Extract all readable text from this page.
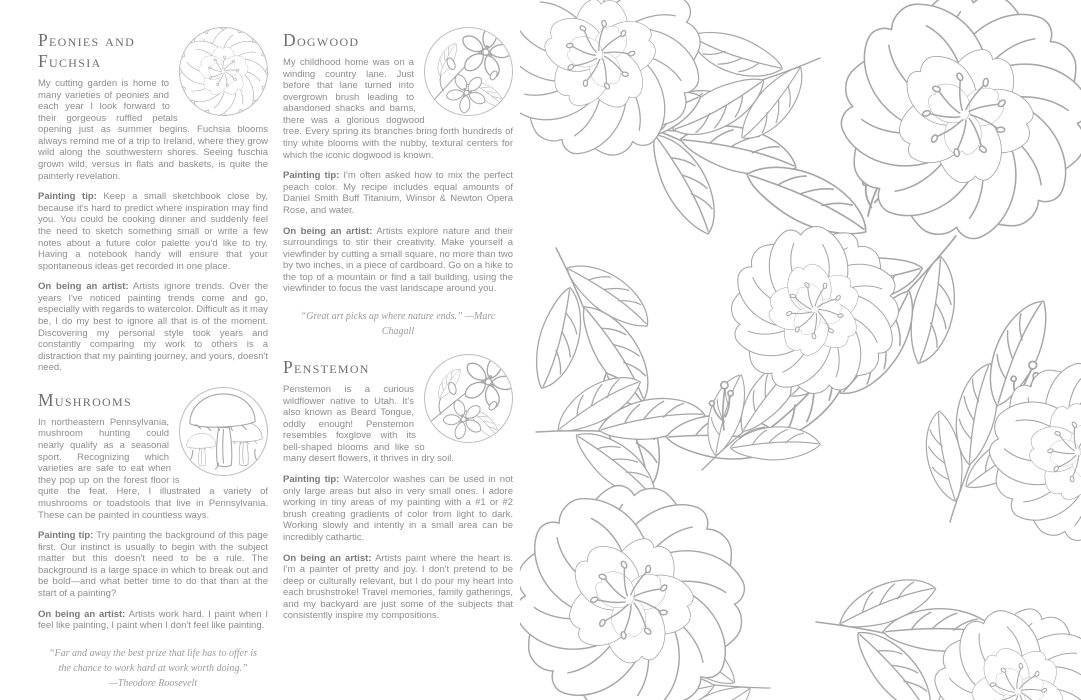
Peonies and Fuchsia

My cutting garden is home to many varieties of peonies and each year I look forward to their gorgeous ruffled petals opening just as summer begins. Fuchsia blooms always remind me of a trip to Ireland, where they grow wild along the southwestern shores. Seeing fuschia grown wild, versus in flats and baskets, is quite the painterly revelation.

Painting tip: Keep a small sketchbook close by, because it's hard to predict where inspiration may find you. You could be cooking dinner and suddenly feel the need to sketch something small or write a few notes about a future color palette you'd like to try. Having a notebook handy will ensure that your spontaneous ideas get recorded in one place.

On being an artist: Artists ignore trends. Over the years I've noticed painting trends come and go, especially with regards to watercolor. Difficult as it may be, I do my best to ignore all that is of the moment. Discovering my personal style took years and constantly comparing my work to others is a distraction that my painting journey, and yours, doesn't need.

Mushrooms

In northeastern Pennsylvania, mushroom hunting could nearly qualify as a seasonal sport. Recognizing which varieties are safe to eat when they pop up on the forest floor is quite the feat. Here, I illustrated a variety of mushrooms or toadstools that live in Pennsylvania. These can be painted in countless ways.

Painting tip: Try painting the background of this page first. Our instinct is usually to begin with the subject matter but this doesn't need to be a rule. The background is a large space in which to break out and be bold—and what better time to do that than at the start of a painting?

On being an artist: Artists work hard. I paint when I feel like painting, I paint when I don't feel like painting.

“Far and away the best prize that life has to offer is the chance to work hard at work worth doing.”
—Theodore Roosevelt

Dogwood

My childhood home was on a winding country lane. Just before that lane turned into overgrown brush leading to abandoned shacks and barns, there was a glorious dogwood tree. Every spring its branches bring forth hundreds of tiny white blooms with the nubby, textural centers for which the iconic dogwood is known.

Painting tip: I'm often asked how to mix the perfect peach color. My recipe includes equal amounts of Daniel Smith Buff Titanium, Winsor & Newton Opera Rose, and water.

On being an artist: Artists explore nature and their surroundings to stir their creativity. Make yourself a viewfinder by cutting a small square, no more than two by two inches, in a piece of cardboard. Go on a hike to the top of a mountain or find a tall building, using the viewfinder to focus the vast landscape around you.

“Great art picks up where nature ends.” —Marc Chagall

Penstemon

Penstemon is a curious wildflower native to Utah. It's also known as Beard Tongue, oddly enough! Penstemon resembles foxglove with its bell-shaped blooms and like so many desert flowers, it thrives in dry soil.

Painting tip: Watercolor washes can be used in not only large areas but also in very small ones. I adore working in tiny areas of my painting with a #1 or #2 brush creating gradients of color from light to dark. Working slowly and intently in a small area can be incredibly cathartic.

On being an artist: Artists paint where the heart is. I'm a painter of pretty and joy. I don't pretend to be deep or culturally relevant, but I do pour my heart into each brushstroke! Travel memories, family gatherings, and my backyard are just some of the subjects that consistently inspire my compositions.
